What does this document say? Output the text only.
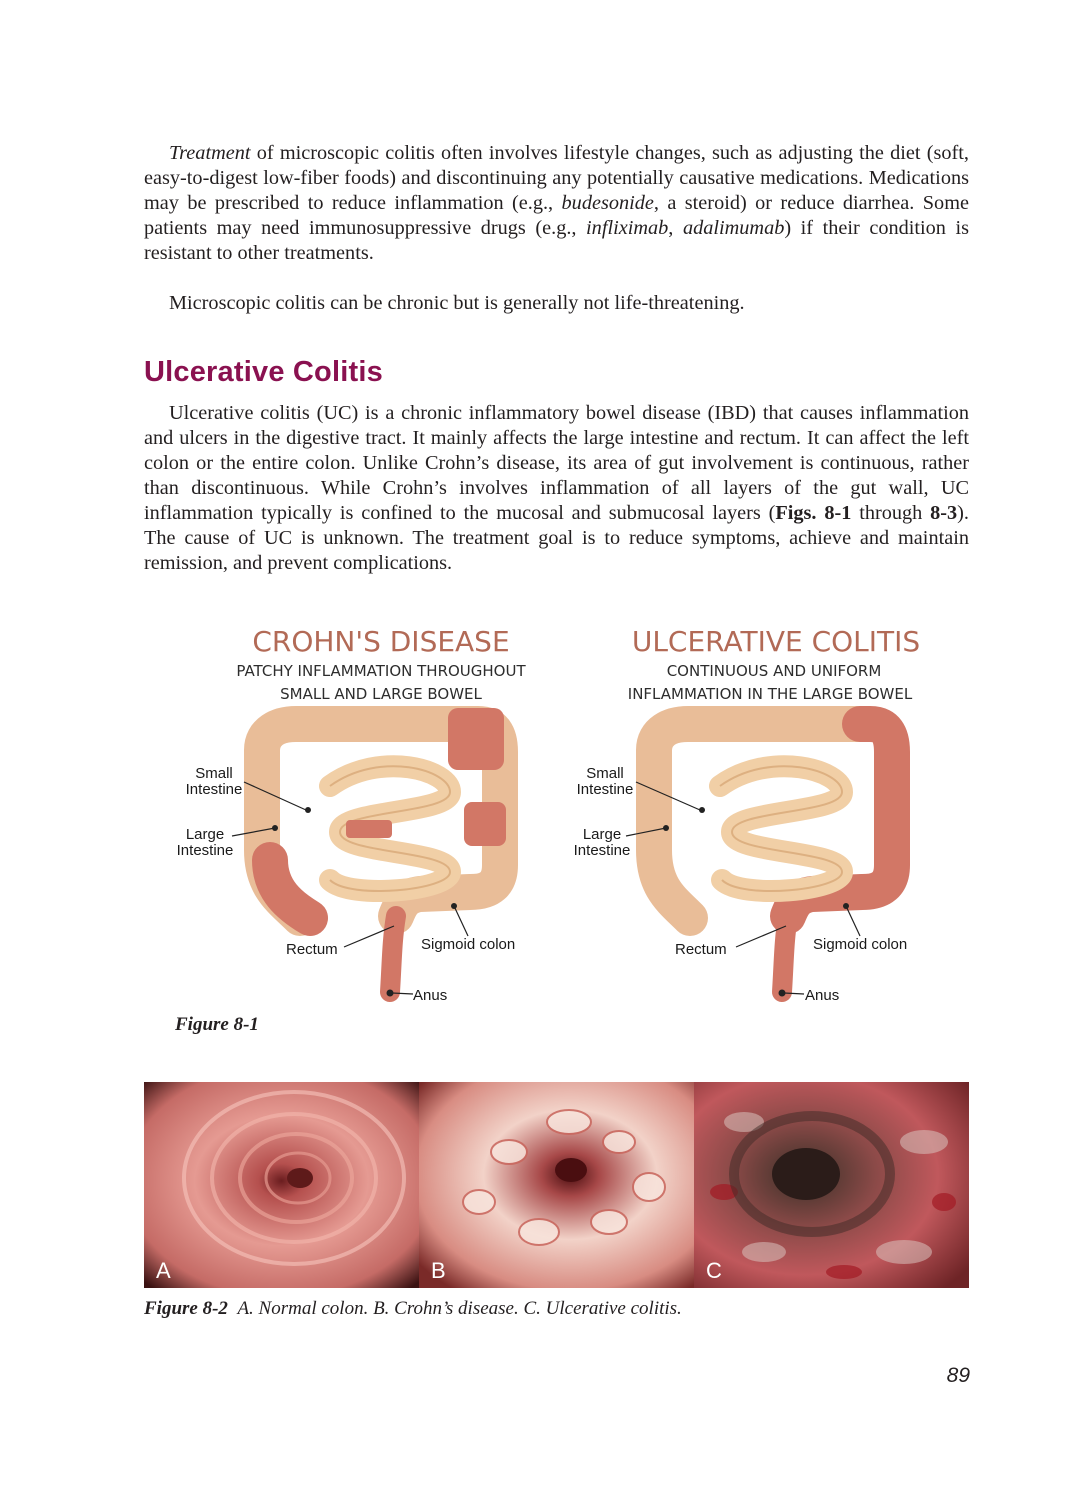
Treatment of microscopic colitis often involves lifestyle changes, such as adjusting the diet (soft, easy-to-digest low-fiber foods) and discontinuing any potentially causative medications. Medications may be prescribed to reduce inflammation (e.g., budesonide, a steroid) or reduce diarrhea. Some patients may need immunosuppressive drugs (e.g., infliximab, adalimumab) if their condition is resistant to other treatments.

Microscopic colitis can be chronic but is generally not life-threatening.

Ulcerative Colitis

Ulcerative colitis (UC) is a chronic inflammatory bowel disease (IBD) that causes inflammation and ulcers in the digestive tract. It mainly affects the large intestine and rectum. It can affect the left colon or the entire colon. Unlike Crohn’s disease, its area of gut involvement is continuous, rather than discontinuous. While Crohn’s involves inflammation of all layers of the gut wall, UC inflammation typically is confined to the mucosal and submucosal layers (Figs. 8-1 through 8-3). The cause of UC is unknown. The treatment goal is to reduce symptoms, achieve and maintain remission, and prevent complications.

CROHN'S DISEASE
PATCHY INFLAMMATION THROUGHOUT
SMALL AND LARGE BOWEL
Small
Intestine
Large
Intestine
Rectum	Sigmoid colon
Anus
ULCERATIVE COLITIS
CONTINUOUS AND UNIFORM
INFLAMMATION IN THE LARGE BOWEL
Small
Intestine
Large
Intestine
Rectum	Sigmoid colon
Anus
Figure 8-1
A	B	C
Figure 8-2 A. Normal colon. B. Crohn’s disease. C. Ulcerative colitis.
89
